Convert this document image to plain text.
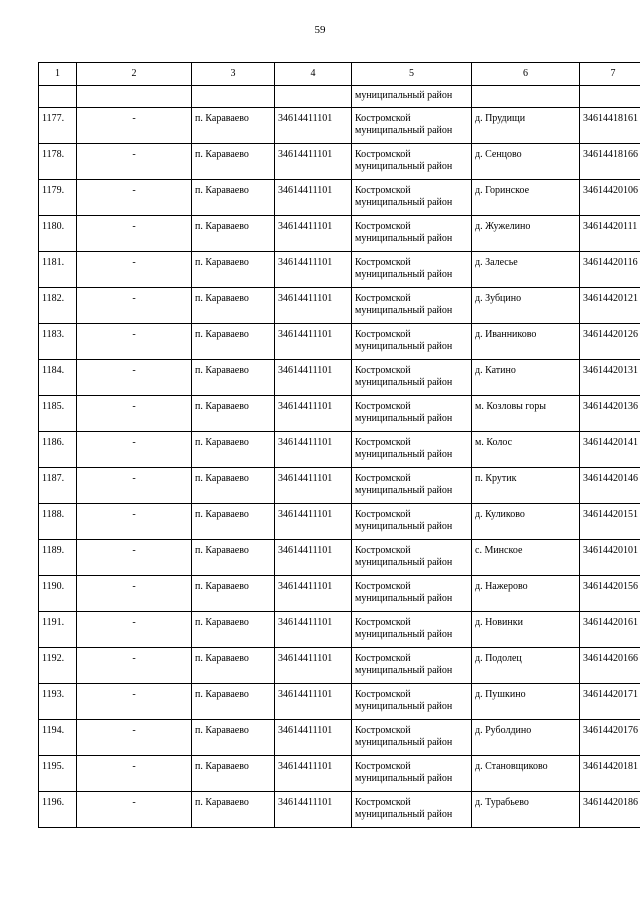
59
1	2	3	4	5	6	7

				муниципальный район		

1177.	-	п. Караваево	34614411101	Костромской
муниципальный район	д. Прудищи	34614418161

1178.	-	п. Караваево	34614411101	Костромской
муниципальный район	д. Сенцово	34614418166

1179.	-	п. Караваево	34614411101	Костромской
муниципальный район	д. Горинское	34614420106

1180.	-	п. Караваево	34614411101	Костромской
муниципальный район	д. Жужелино	34614420111

1181.	-	п. Караваево	34614411101	Костромской
муниципальный район	д. Залесье	34614420116

1182.	-	п. Караваево	34614411101	Костромской
муниципальный район	д. Зубцино	34614420121

1183.	-	п. Караваево	34614411101	Костромской
муниципальный район	д. Иванниково	34614420126

1184.	-	п. Караваево	34614411101	Костромской
муниципальный район	д. Катино	34614420131

1185.	-	п. Караваево	34614411101	Костромской
муниципальный район	м. Козловы горы	34614420136

1186.	-	п. Караваево	34614411101	Костромской
муниципальный район	м. Колос	34614420141

1187.	-	п. Караваево	34614411101	Костромской
муниципальный район	п. Крутик	34614420146

1188.	-	п. Караваево	34614411101	Костромской
муниципальный район	д. Куликово	34614420151

1189.	-	п. Караваево	34614411101	Костромской
муниципальный район	с. Минское	34614420101

1190.	-	п. Караваево	34614411101	Костромской
муниципальный район	д. Нажерово	34614420156

1191.	-	п. Караваево	34614411101	Костромской
муниципальный район	д. Новинки	34614420161

1192.	-	п. Караваево	34614411101	Костромской
муниципальный район	д. Подолец	34614420166

1193.	-	п. Караваево	34614411101	Костромской
муниципальный район	д. Пушкино	34614420171

1194.	-	п. Караваево	34614411101	Костромской
муниципальный район	д. Руболдино	34614420176

1195.	-	п. Караваево	34614411101	Костромской
муниципальный район	д. Становщиково	34614420181

1196.	-	п. Караваево	34614411101	Костромской
муниципальный район	д. Турабьево	34614420186
